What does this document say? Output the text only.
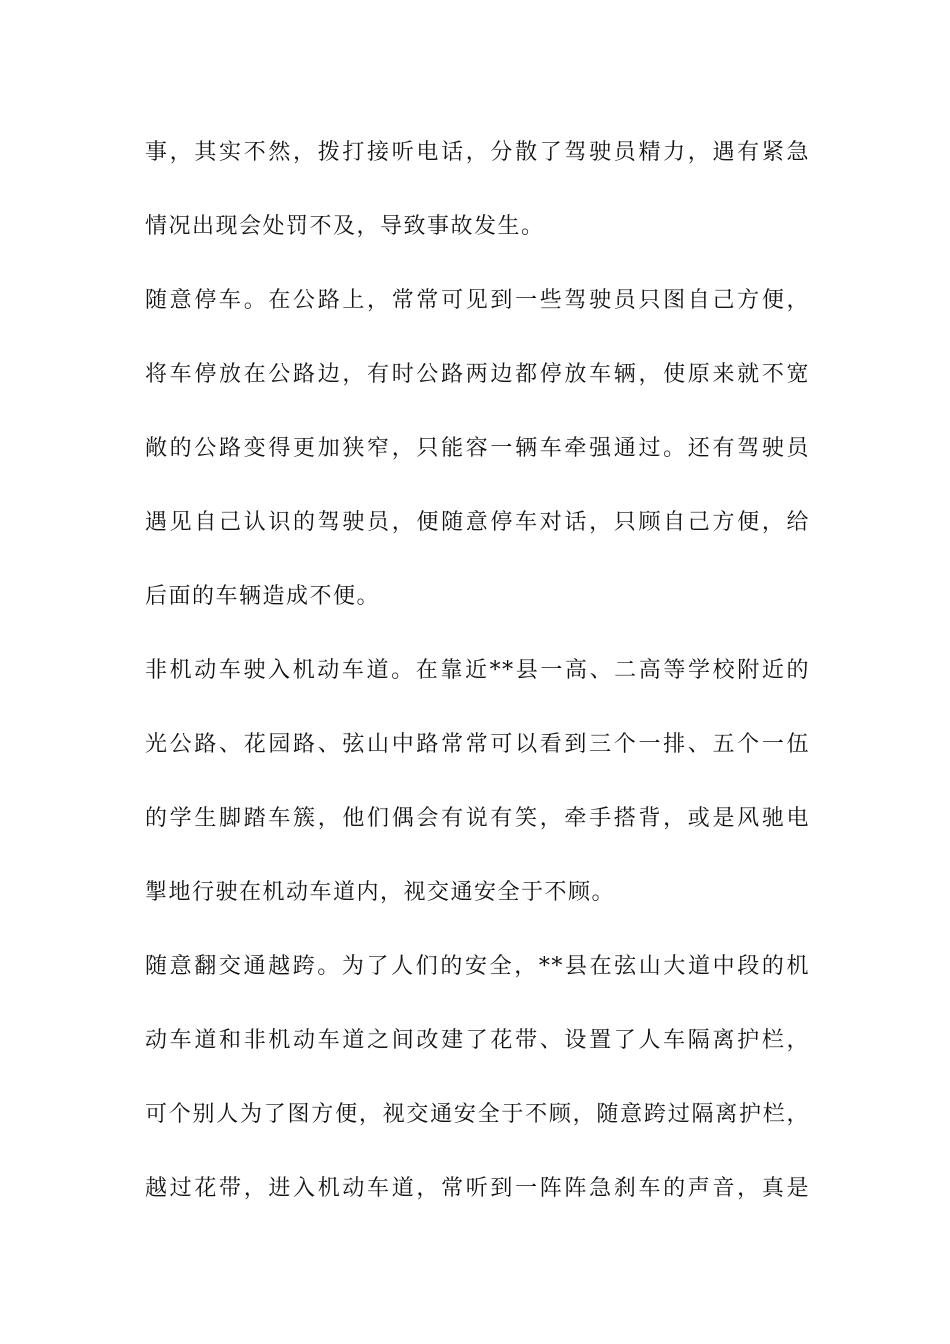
事，其实不然，拨打接听电话，分散了驾驶员精力，遇有紧急
情况出现会处罚不及，导致事故发生。
随意停车。在公路上，常常可见到一些驾驶员只图自己方便，
将车停放在公路边，有时公路两边都停放车辆，使原来就不宽
敞的公路变得更加狭窄，只能容一辆车牵强通过。还有驾驶员
遇见自己认识的驾驶员，便随意停车对话，只顾自己方便，给
后面的车辆造成不便。
非机动车驶入机动车道。在靠近**县一高、二高等学校附近的
光公路、花园路、弦山中路常常可以看到三个一排、五个一伍
的学生脚踏车簇，他们偶会有说有笑，牵手搭背，或是风驰电
掣地行驶在机动车道内，视交通安全于不顾。
随意翻交通越跨。为了人们的安全，**县在弦山大道中段的机
动车道和非机动车道之间改建了花带、设置了人车隔离护栏，
可个别人为了图方便，视交通安全于不顾，随意跨过隔离护栏，
越过花带，进入机动车道，常听到一阵阵急刹车的声音，真是
